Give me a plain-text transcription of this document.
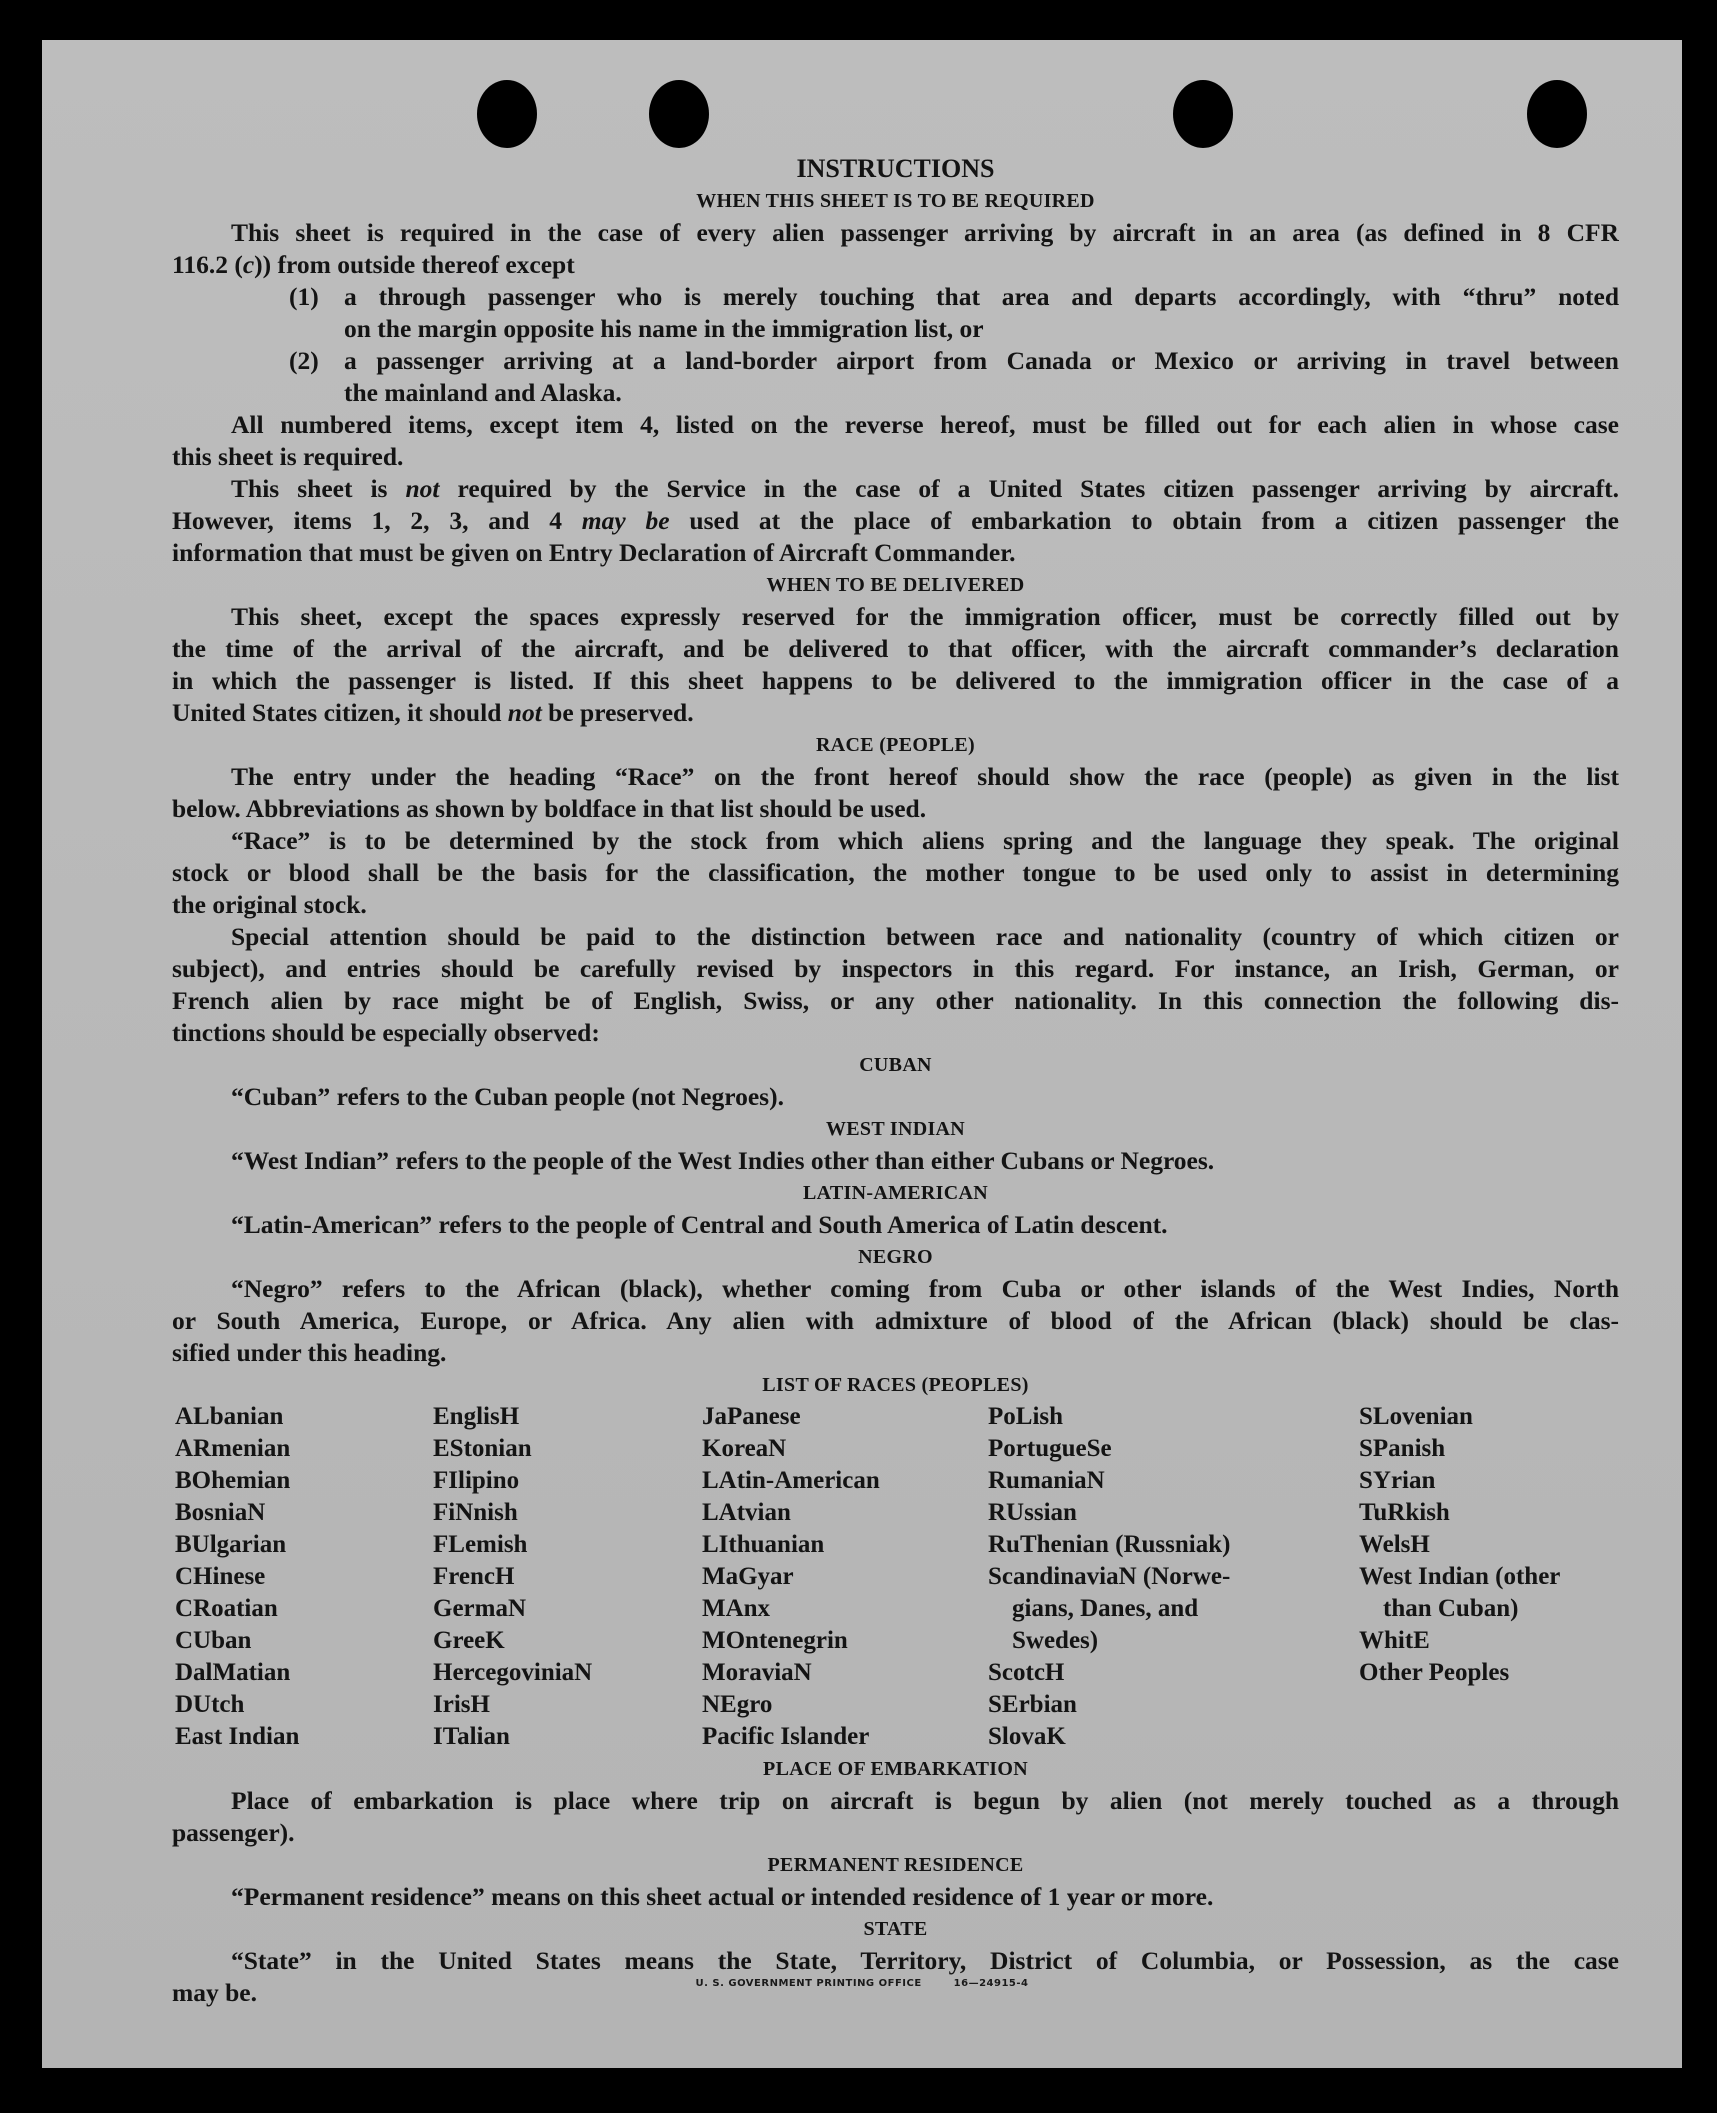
INSTRUCTIONS
WHEN THIS SHEET IS TO BE REQUIRED
This sheet is required in the case of every alien passenger arriving by aircraft in an area (as defined in 8 CFR
116.2 (c)) from outside thereof except
(1) a through passenger who is merely touching that area and departs accordingly, with “thru” noted
on the margin opposite his name in the immigration list, or
(2) a passenger arriving at a land-border airport from Canada or Mexico or arriving in travel between
the mainland and Alaska.
All numbered items, except item 4, listed on the reverse hereof, must be filled out for each alien in whose case
this sheet is required.
This sheet is not required by the Service in the case of a United States citizen passenger arriving by aircraft.
However, items 1, 2, 3, and 4 may be used at the place of embarkation to obtain from a citizen passenger the
information that must be given on Entry Declaration of Aircraft Commander.
WHEN TO BE DELIVERED
This sheet, except the spaces expressly reserved for the immigration officer, must be correctly filled out by
the time of the arrival of the aircraft, and be delivered to that officer, with the aircraft commander’s declaration
in which the passenger is listed. If this sheet happens to be delivered to the immigration officer in the case of a
United States citizen, it should not be preserved.
RACE (PEOPLE)
The entry under the heading “Race” on the front hereof should show the race (people) as given in the list
below. Abbreviations as shown by boldface in that list should be used.
“Race” is to be determined by the stock from which aliens spring and the language they speak. The original
stock or blood shall be the basis for the classification, the mother tongue to be used only to assist in determining
the original stock.
Special attention should be paid to the distinction between race and nationality (country of which citizen or
subject), and entries should be carefully revised by inspectors in this regard. For instance, an Irish, German, or
French alien by race might be of English, Swiss, or any other nationality. In this connection the following dis-
tinctions should be especially observed:
CUBAN
“Cuban” refers to the Cuban people (not Negroes).
WEST INDIAN
“West Indian” refers to the people of the West Indies other than either Cubans or Negroes.
LATIN-AMERICAN
“Latin-American” refers to the people of Central and South America of Latin descent.
NEGRO
“Negro” refers to the African (black), whether coming from Cuba or other islands of the West Indies, North
or South America, Europe, or Africa. Any alien with admixture of blood of the African (black) should be clas-
sified under this heading.
LIST OF RACES (PEOPLES)
ALbanian
ARmenian
BOhemian
BosniaN
BUlgarian
CHinese
CRoatian
CUban
DalMatian
DUtch
East Indian
EnglisH
EStonian
FIlipino
FiNnish
FLemish
FrencH
GermaN
GreeK
HercegoviniaN
IrisH
ITalian
JaPanese
KoreaN
LAtin-American
LAtvian
LIthuanian
MaGyar
MAnx
MOntenegrin
MoraviaN
NEgro
Pacific Islander
PoLish
PortugueSe
RumaniaN
RUssian
RuThenian (Russniak)
ScandinaviaN (Norwe-
gians, Danes, and
Swedes)
ScotcH
SErbian
SlovaK
SLovenian
SPanish
SYrian
TuRkish
WelsH
West Indian (other
than Cuban)
WhitE
Other Peoples
PLACE OF EMBARKATION
Place of embarkation is place where trip on aircraft is begun by alien (not merely touched as a through
passenger).
PERMANENT RESIDENCE
“Permanent residence” means on this sheet actual or intended residence of 1 year or more.
STATE
“State” in the United States means the State, Territory, District of Columbia, or Possession, as the case
may be.	U. S. GOVERNMENT PRINTING OFFICE	16—24915-4
